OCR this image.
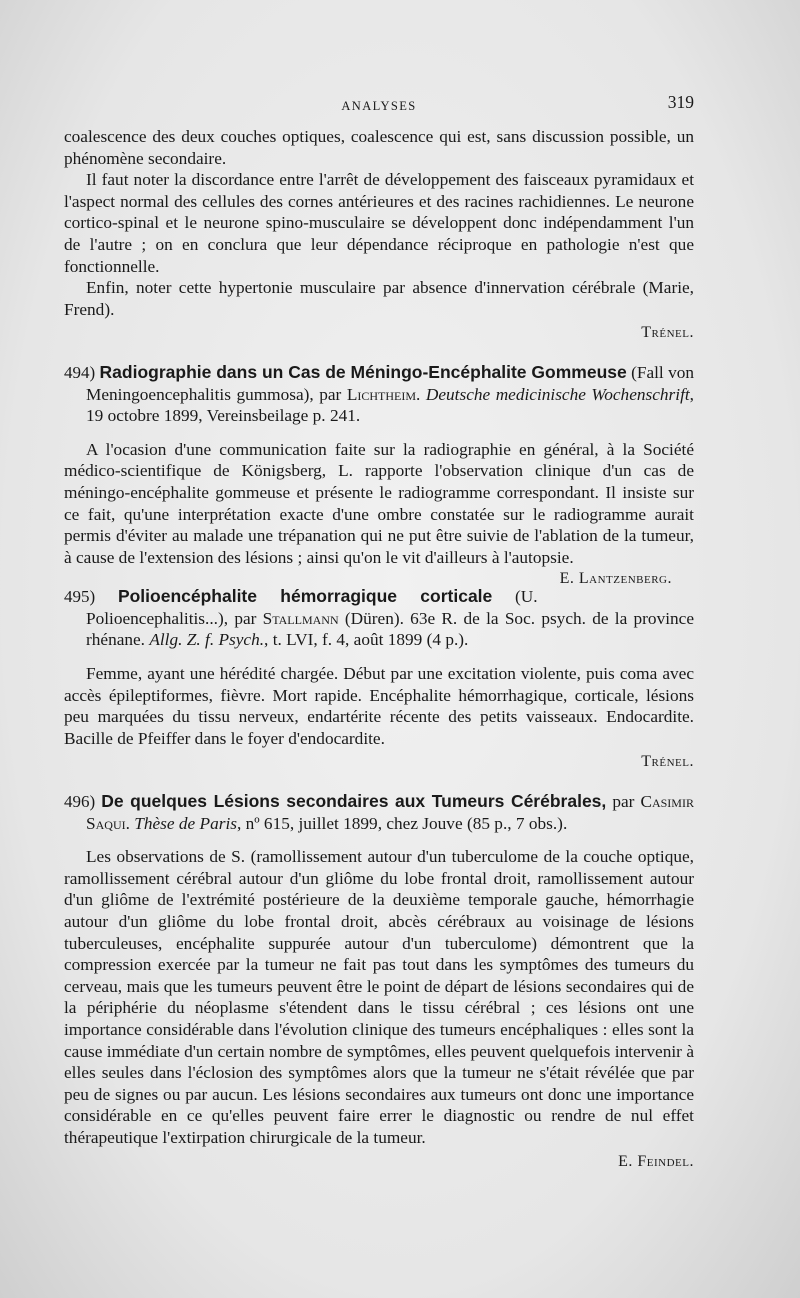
ANALYSES	319

coalescence des deux couches optiques, coalescence qui est, sans discussion possible, un phénomène secondaire.

Il faut noter la discordance entre l'arrêt de développement des faisceaux pyramidaux et l'aspect normal des cellules des cornes antérieures et des racines rachidiennes. Le neurone cortico-spinal et le neurone spino-musculaire se développent donc indépendamment l'un de l'autre ; on en conclura que leur dépendance réciproque en pathologie n'est que fonctionnelle.

Enfin, noter cette hypertonie musculaire par absence d'innervation cérébrale (Marie, Frend).

Trénel.

494) Radiographie dans un Cas de Méningo-Encéphalite Gommeuse (Fall von Meningoencephalitis gummosa), par Lichtheim. Deutsche medicinische Wochenschrift, 19 octobre 1899, Vereinsbeilage p. 241.

A l'ocasion d'une communication faite sur la radiographie en général, à la Société médico-scientifique de Königsberg, L. rapporte l'observation clinique d'un cas de méningo-encéphalite gommeuse et présente le radiogramme correspondant. Il insiste sur ce fait, qu'une interprétation exacte d'une ombre constatée sur le radiogramme aurait permis d'éviter au malade une trépanation qui ne put être suivie de l'ablation de la tumeur, à cause de l'extension des lésions ; ainsi qu'on le vit d'ailleurs à l'autopsie.
E. Lantzenberg.

495) Polioencéphalite hémorragique corticale (U. Polioencephalitis...), par Stallmann (Düren). 63e R. de la Soc. psych. de la province rhénane. Allg. Z. f. Psych., t. LVI, f. 4, août 1899 (4 p.).

Femme, ayant une hérédité chargée. Début par une excitation violente, puis coma avec accès épileptiformes, fièvre. Mort rapide. Encéphalite hémorrhagique, corticale, lésions peu marquées du tissu nerveux, endartérite récente des petits vaisseaux. Endocardite. Bacille de Pfeiffer dans le foyer d'endocardite.

Trénel.

496) De quelques Lésions secondaires aux Tumeurs Cérébrales, par Casimir Saqui. Thèse de Paris, nº 615, juillet 1899, chez Jouve (85 p., 7 obs.).

Les observations de S. (ramollissement autour d'un tuberculome de la couche optique, ramollissement cérébral autour d'un gliôme du lobe frontal droit, ramollissement autour d'un gliôme de l'extrémité postérieure de la deuxième temporale gauche, hémorrhagie autour d'un gliôme du lobe frontal droit, abcès cérébraux au voisinage de lésions tuberculeuses, encéphalite suppurée autour d'un tuberculome) démontrent que la compression exercée par la tumeur ne fait pas tout dans les symptômes des tumeurs du cerveau, mais que les tumeurs peuvent être le point de départ de lésions secondaires qui de la périphérie du néoplasme s'étendent dans le tissu cérébral ; ces lésions ont une importance considérable dans l'évolution clinique des tumeurs encéphaliques : elles sont la cause immédiate d'un certain nombre de symptômes, elles peuvent quelquefois intervenir à elles seules dans l'éclosion des symptômes alors que la tumeur ne s'était révélée que par peu de signes ou par aucun. Les lésions secondaires aux tumeurs ont donc une importance considérable en ce qu'elles peuvent faire errer le diagnostic ou rendre de nul effet thérapeutique l'extirpation chirurgicale de la tumeur.

E. Feindel.
